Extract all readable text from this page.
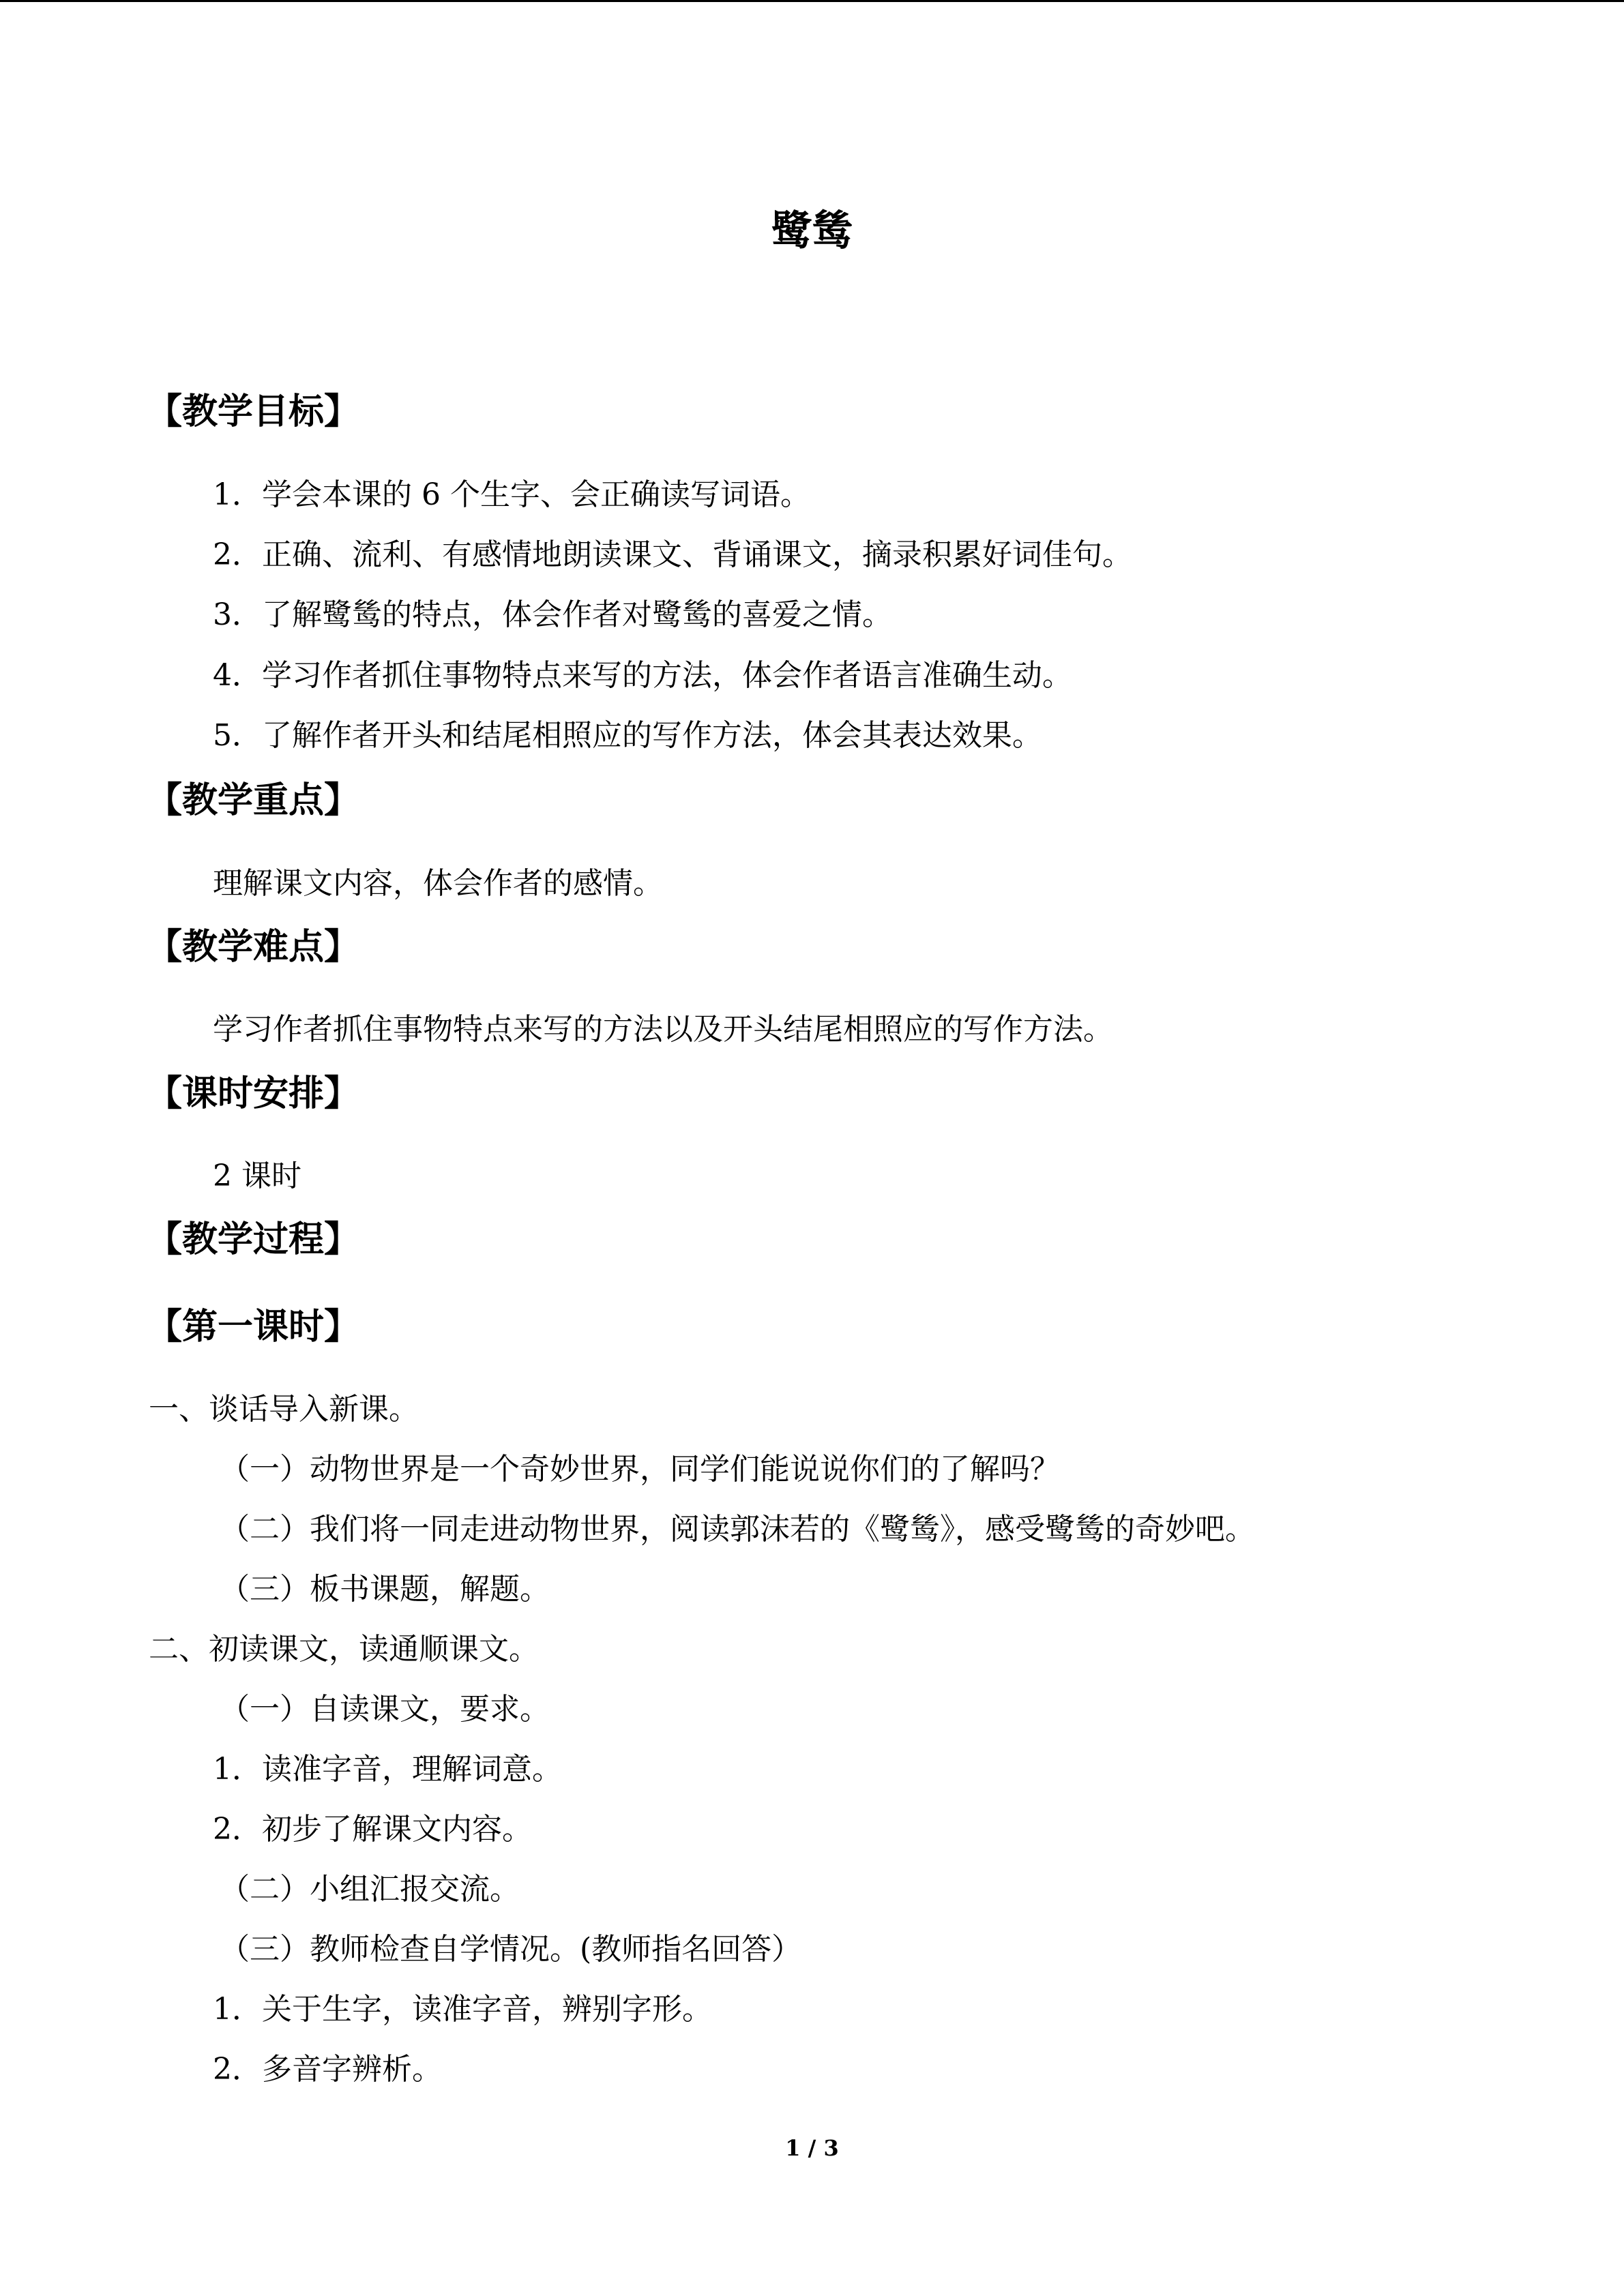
鹭鸶
【教学目标】
1．学会本课的 6 个生字、会正确读写词语。
2．正确、流利、有感情地朗读课文、背诵课文，摘录积累好词佳句。
3．了解鹭鸶的特点，体会作者对鹭鸶的喜爱之情。
4．学习作者抓住事物特点来写的方法，体会作者语言准确生动。
5．了解作者开头和结尾相照应的写作方法，体会其表达效果。
【教学重点】
理解课文内容，体会作者的感情。
【教学难点】
学习作者抓住事物特点来写的方法以及开头结尾相照应的写作方法。
【课时安排】
2 课时
【教学过程】
【第一课时】
一、谈话导入新课。
（一）动物世界是一个奇妙世界，同学们能说说你们的了解吗？
（二）我们将一同走进动物世界，阅读郭沫若的《鹭鸶》，感受鹭鸶的奇妙吧。
（三）板书课题，解题。
二、初读课文，读通顺课文。
（一）自读课文，要求。
1．读准字音，理解词意。
2．初步了解课文内容。
（二）小组汇报交流。
（三）教师检查自学情况。(教师指名回答）
1．关于生字，读准字音，辨别字形。
2．多音字辨析。
1 / 3
